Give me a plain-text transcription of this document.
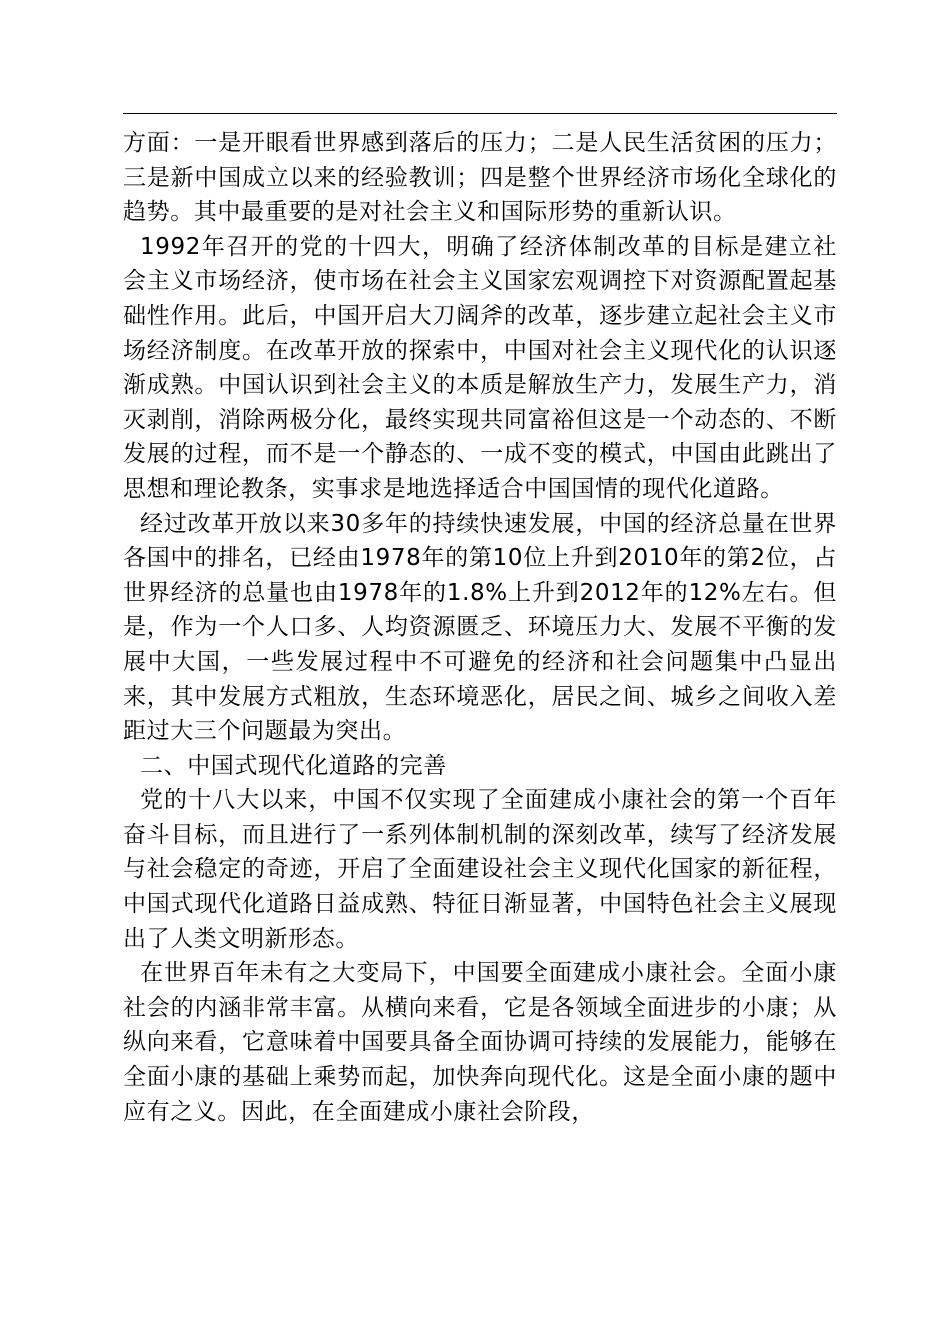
方面：一是开眼看世界感到落后的压力；二是人民生活贫困的压力；三是新中国成立以来的经验教训；四是整个世界经济市场化全球化的趋势。其中最重要的是对社会主义和国际形势的重新认识。

1992年召开的党的十四大，明确了经济体制改革的目标是建立社会主义市场经济，使市场在社会主义国家宏观调控下对资源配置起基础性作用。此后，中国开启大刀阔斧的改革，逐步建立起社会主义市场经济制度。在改革开放的探索中，中国对社会主义现代化的认识逐渐成熟。中国认识到社会主义的本质是解放生产力，发展生产力，消灭剥削，消除两极分化，最终实现共同富裕但这是一个动态的、不断发展的过程，而不是一个静态的、一成不变的模式，中国由此跳出了思想和理论教条，实事求是地选择适合中国国情的现代化道路。

经过改革开放以来30多年的持续快速发展，中国的经济总量在世界各国中的排名，已经由1978年的第10位上升到2010年的第2位，占世界经济的总量也由1978年的1.8%上升到2012年的12%左右。但是，作为一个人口多、人均资源匮乏、环境压力大、发展不平衡的发展中大国，一些发展过程中不可避免的经济和社会问题集中凸显出来，其中发展方式粗放，生态环境恶化，居民之间、城乡之间收入差距过大三个问题最为突出。

二、中国式现代化道路的完善

党的十八大以来，中国不仅实现了全面建成小康社会的第一个百年奋斗目标，而且进行了一系列体制机制的深刻改革，续写了经济发展与社会稳定的奇迹，开启了全面建设社会主义现代化国家的新征程，中国式现代化道路日益成熟、特征日渐显著，中国特色社会主义展现出了人类文明新形态。

在世界百年未有之大变局下，中国要全面建成小康社会。全面小康社会的内涵非常丰富。从横向来看，它是各领域全面进步的小康；从纵向来看，它意味着中国要具备全面协调可持续的发展能力，能够在全面小康的基础上乘势而起，加快奔向现代化。这是全面小康的题中应有之义。因此，在全面建成小康社会阶段，
